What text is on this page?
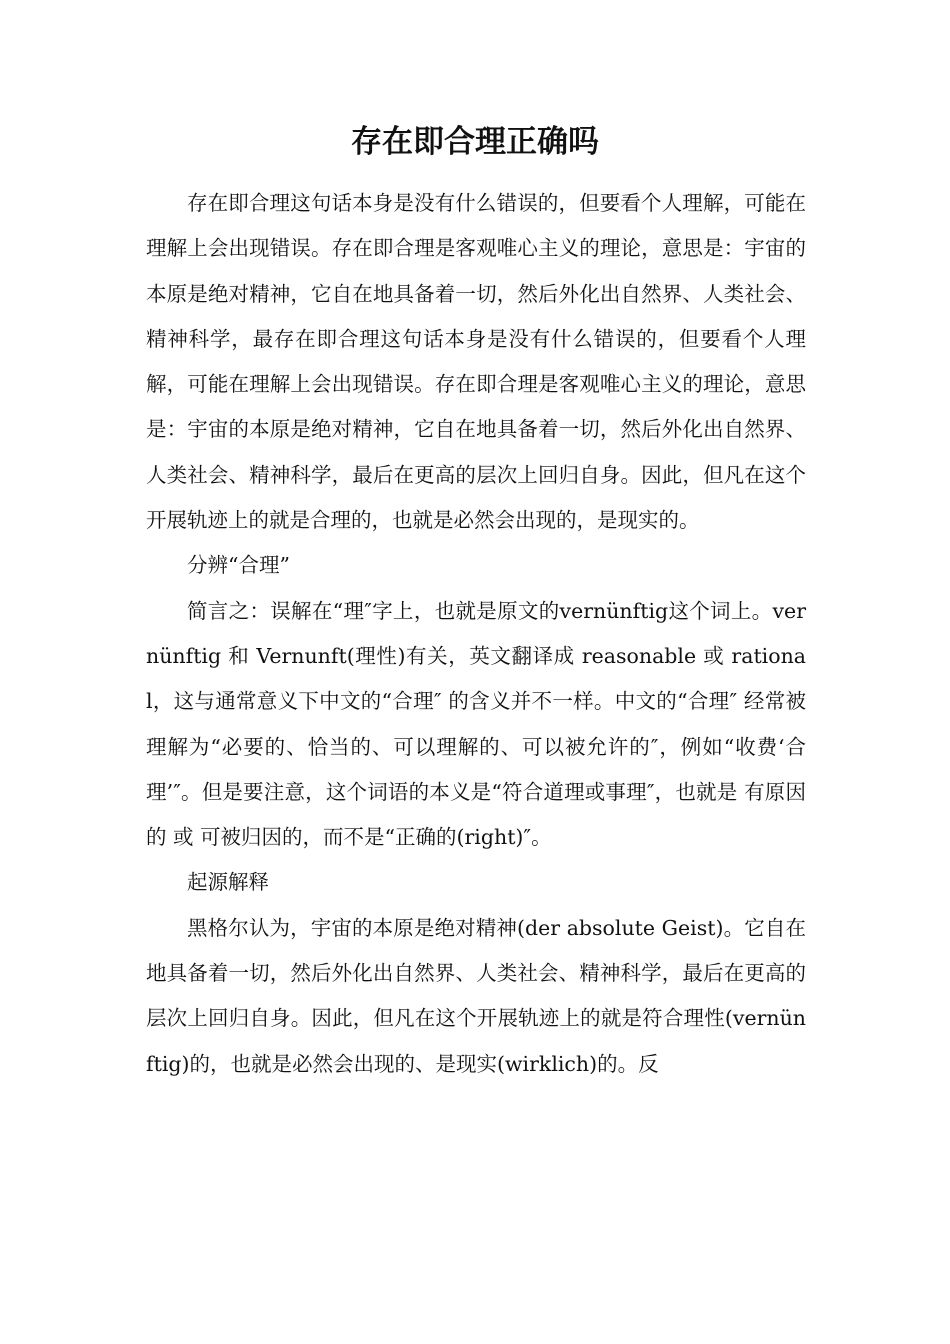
存在即合理正确吗

存在即合理这句话本身是没有什么错误的，但要看个人理解，可能在理解上会出现错误。存在即合理是客观唯心主义的理论，意思是：宇宙的本原是绝对精神，它自在地具备着一切，然后外化出自然界、人类社会、精神科学，最存在即合理这句话本身是没有什么错误的，但要看个人理解，可能在理解上会出现错误。存在即合理是客观唯心主义的理论，意思是：宇宙的本原是绝对精神，它自在地具备着一切，然后外化出自然界、人类社会、精神科学，最后在更高的层次上回归自身。因此，但凡在这个开展轨迹上的就是合理的，也就是必然会出现的，是现实的。

分辨“合理”

简言之：误解在“理″字上，也就是原文的vernünftig这个词上。vernünftig 和 Vernunft(理性)有关，英文翻译成 reasonable 或 rational，这与通常意义下中文的“合理″ 的含义并不一样。中文的“合理″ 经常被理解为“必要的、恰当的、可以理解的、可以被允许的″，例如“收费‘合理’″。但是要注意，这个词语的本义是“符合道理或事理″，也就是 有原因的 或 可被归因的，而不是“正确的(right)″。

起源解释

黑格尔认为，宇宙的本原是绝对精神(der absolute Geist)。它自在地具备着一切，然后外化出自然界、人类社会、精神科学，最后在更高的层次上回归自身。因此，但凡在这个开展轨迹上的就是符合理性(vernünftig)的，也就是必然会出现的、是现实(wirklich)的。反
